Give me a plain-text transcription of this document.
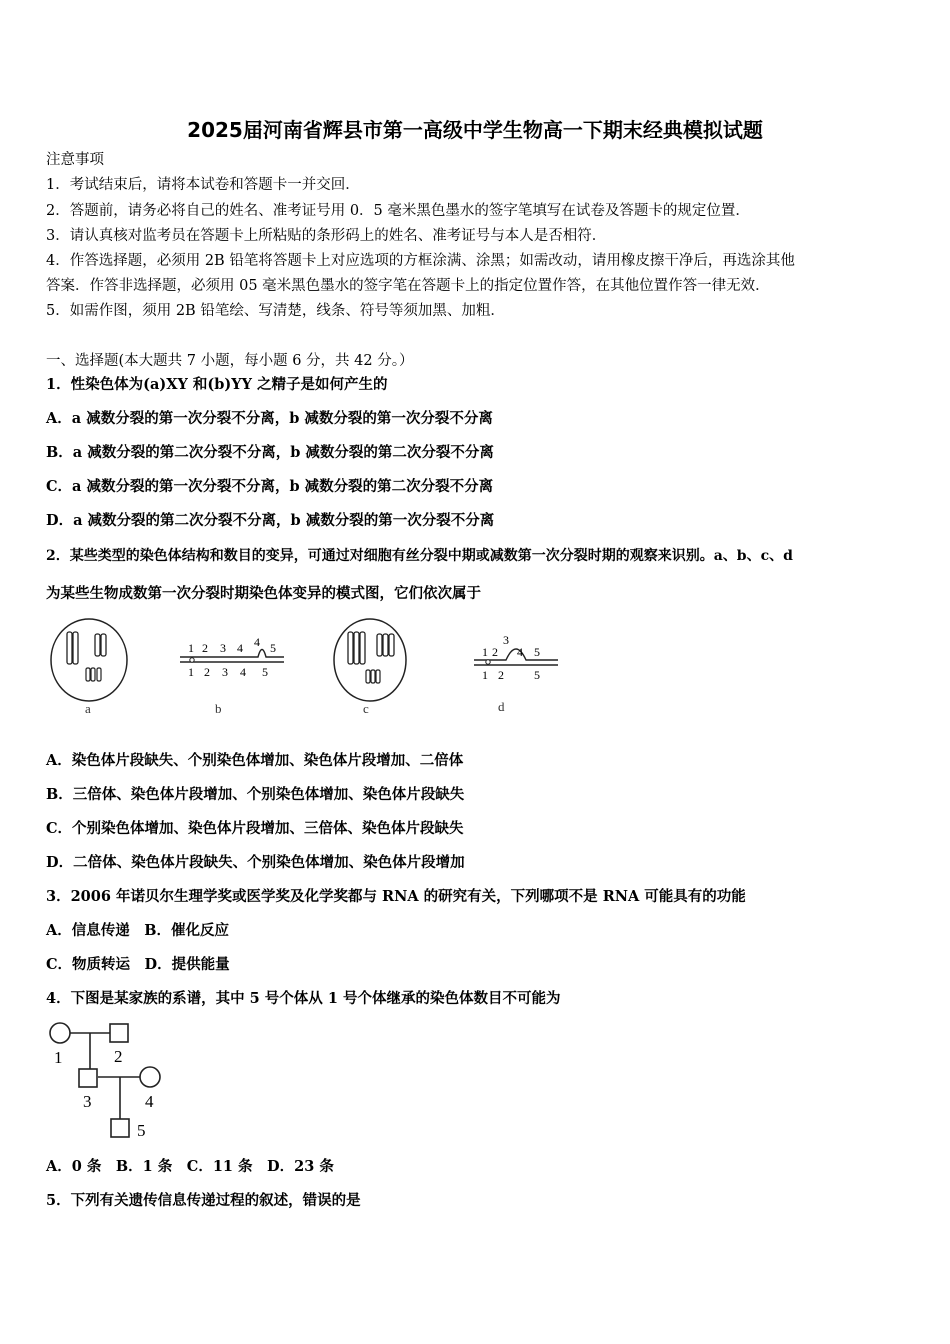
2025届河南省辉县市第一高级中学生物高一下期末经典模拟试题
注意事项
1．考试结束后，请将本试卷和答题卡一并交回．
2．答题前，请务必将自己的姓名、准考证号用 0．5 毫米黑色墨水的签字笔填写在试卷及答题卡的规定位置．
3．请认真核对监考员在答题卡上所粘贴的条形码上的姓名、准考证号与本人是否相符．
4．作答选择题，必须用 2B 铅笔将答题卡上对应选项的方框涂满、涂黑；如需改动，请用橡皮擦干净后，再选涂其他
答案．作答非选择题，必须用 05 毫米黑色墨水的签字笔在答题卡上的指定位置作答，在其他位置作答一律无效．
5．如需作图，须用 2B 铅笔绘、写清楚，线条、符号等须加黑、加粗．
一、选择题(本大题共 7 小题，每小题 6 分，共 42 分。）
1．性染色体为(a)XY 和(b)YY 之精子是如何产生的
A．a 减数分裂的第一次分裂不分离，b 减数分裂的第一次分裂不分离
B．a 减数分裂的第二次分裂不分离，b 减数分裂的第二次分裂不分离
C．a 减数分裂的第一次分裂不分离，b 减数分裂的第二次分裂不分离
D．a 减数分裂的第二次分裂不分离，b 减数分裂的第一次分裂不分离
2．某些类型的染色体结构和数目的变异，可通过对细胞有丝分裂中期或减数第一次分裂时期的观察来识别。a、b、c、d
为某些生物成数第一次分裂时期染色体变异的模式图，它们依次属于
a
1 2 3 4 4 5
1 2 3 4 5
b	c
1 2
3
4 5
1 2	5
d
A．染色体片段缺失、个别染色体增加、染色体片段增加、二倍体
B．三倍体、染色体片段增加、个别染色体增加、染色体片段缺失
C．个别染色体增加、染色体片段增加、三倍体、染色体片段缺失
D．二倍体、染色体片段缺失、个别染色体增加、染色体片段增加
3．2006 年诺贝尔生理学奖或医学奖及化学奖都与 RNA 的研究有关，下列哪项不是 RNA 可能具有的功能
A．信息传递　B．催化反应
C．物质转运　D．提供能量
4．下图是某家族的系谱，其中 5 号个体从 1 号个体继承的染色体数目不可能为
1	2
3	4
5
A．0 条　B．1 条　C．11 条　D．23 条
5．下列有关遗传信息传递过程的叙述，错误的是
